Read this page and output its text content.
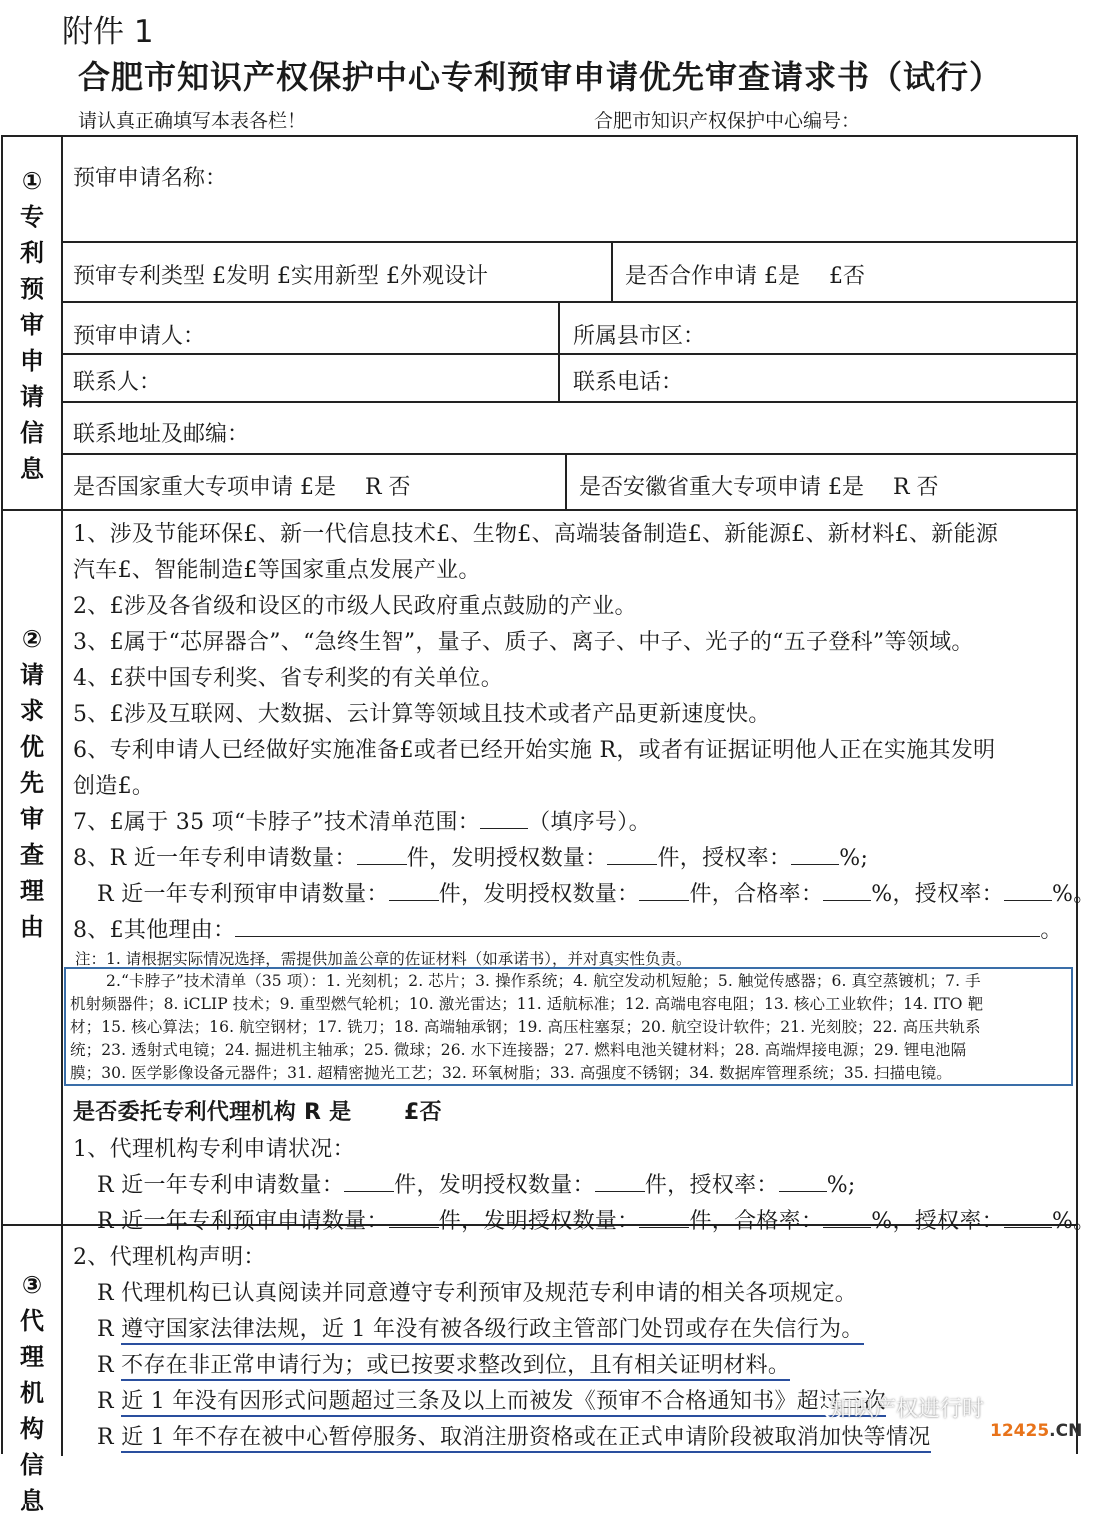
附件 1
合肥市知识产权保护中心专利预审申请优先审查请求书（试行）
请认真正确填写本表各栏！	合肥市知识产权保护中心编号：
①
专
利
预
审
申
请
信
息
预审申请名称：
预审专利类型 £发明 £实用新型 £外观设计	是否合作申请 £是　 £否
预审申请人：	所属县市区：
联系人：	联系电话：
联系地址及邮编：
是否国家重大专项申请 £是　 R 否	是否安徽省重大专项申请 £是　 R 否
②
请
求
优
先
审
查
理
由
1、涉及节能环保£、新一代信息技术£、生物£、高端装备制造£、新能源£、新材料£、新能源
汽车£、智能制造£等国家重点发展产业。
2、£涉及各省级和设区的市级人民政府重点鼓励的产业。
3、£属于“芯屏器合”、“急终生智”，量子、质子、离子、中子、光子的“五子登科”等领域。
4、£获中国专利奖、省专利奖的有关单位。
5、£涉及互联网、大数据、云计算等领域且技术或者产品更新速度快。
6、专利申请人已经做好实施准备£或者已经开始实施 R，或者有证据证明他人正在实施其发明
创造£。
7、£属于 35 项“卡脖子”技术清单范围： （填序号）。
8、R 近一年专利申请数量： 件，发明授权数量： 件，授权率： %;
R 近一年专利预审申请数量： 件，发明授权数量： 件，合格率： %，授权率： %。
8、£其他理由：	。
注：1. 请根据实际情况选择，需提供加盖公章的佐证材料（如承诺书），并对真实性负责。
③
代
理
机
构
信
息
是否委托专利代理机构 R 是　　 £否
1、代理机构专利申请状况：
R 近一年专利申请数量： 件，发明授权数量： 件，授权率： %;
R 近一年专利预审申请数量： 件，发明授权数量： 件，合格率： %，授权率： %。
2、代理机构声明：
R 代理机构已认真阅读并同意遵守专利预审及规范专利申请的相关各项规定。
R 遵守国家法律法规，近 1 年没有被各级行政主管部门处罚或存在失信行为。
R 不存在非正常申请行为；或已按要求整改到位，且有相关证明材料。
R 近 1 年没有因形式问题超过三条及以上而被发《预审不合格通知书》超过三次
R 近 1 年不存在被中心暂停服务、取消注册资格或在正式申请阶段被取消加快等情况
2.“卡脖子”技术清单（35 项）：1. 光刻机；2. 芯片；3. 操作系统；4. 航空发动机短舱；5. 触觉传感器；6. 真空蒸镀机；7. 手
机射频器件；8. iCLIP 技术；9. 重型燃气轮机；10. 激光雷达；11. 适航标准；12. 高端电容电阻；13. 核心工业软件；14. ITO 靶
材；15. 核心算法；16. 航空钢材；17. 铣刀；18. 高端轴承钢；19. 高压柱塞泵；20. 航空设计软件；21. 光刻胶；22. 高压共轨系
统；23. 透射式电镜；24. 掘进机主轴承；25. 微球；26. 水下连接器；27. 燃料电池关键材料；28. 高端焊接电源；29. 锂电池隔
膜；30. 医学影像设备元器件；31. 超精密抛光工艺；32. 环氧树脂；33. 高强度不锈钢；34. 数据库管理系统；35. 扫描电镜。
知识产权进行时
12425.CN
